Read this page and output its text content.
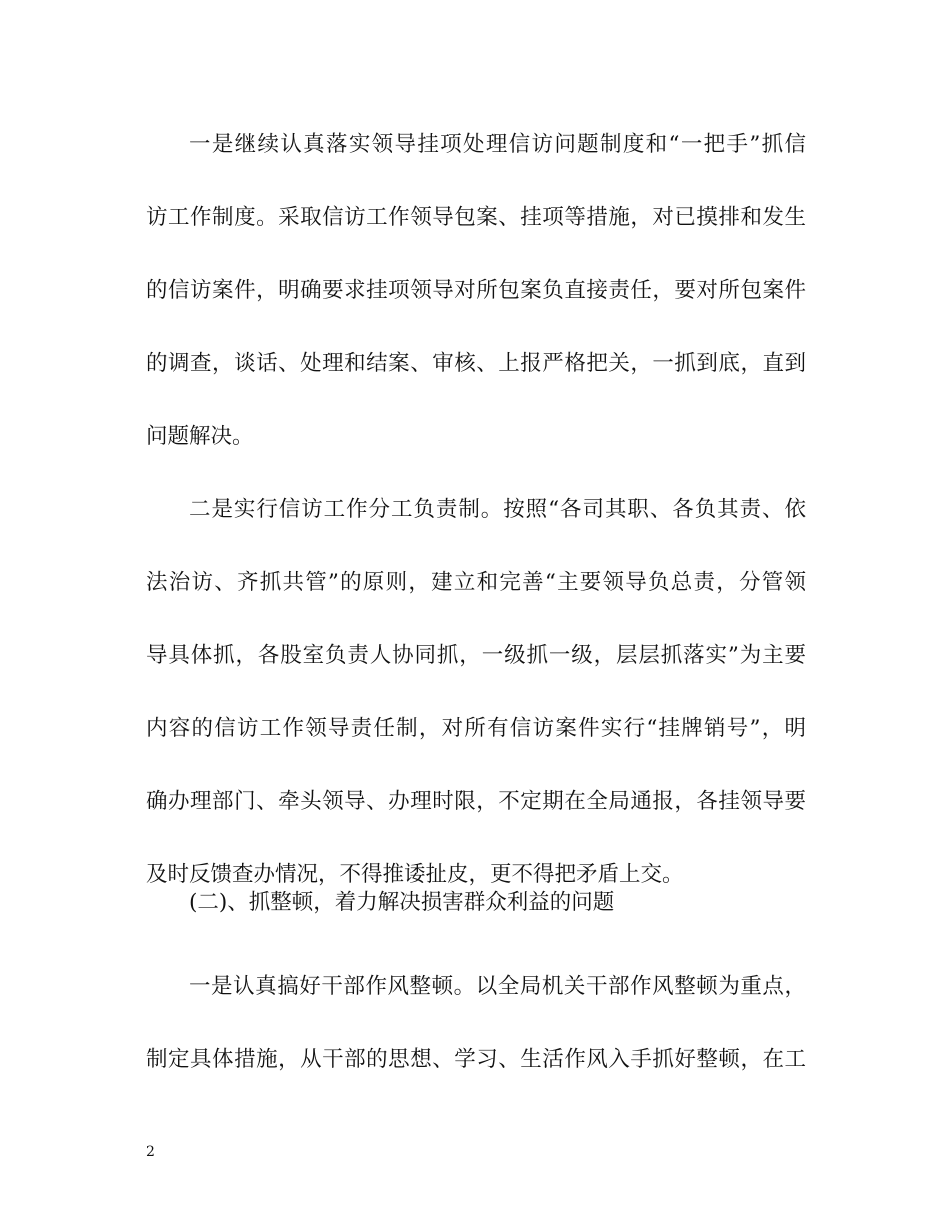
一是继续认真落实领导挂项处理信访问题制度和“一把手”抓信
访工作制度。采取信访工作领导包案、挂项等措施，对已摸排和发生
的信访案件，明确要求挂项领导对所包案负直接责任，要对所包案件
的调查，谈话、处理和结案、审核、上报严格把关，一抓到底，直到
问题解决。
二是实行信访工作分工负责制。按照“各司其职、各负其责、依
法治访、齐抓共管”的原则，建立和完善“主要领导负总责，分管领
导具体抓，各股室负责人协同抓，一级抓一级，层层抓落实”为主要
内容的信访工作领导责任制，对所有信访案件实行“挂牌销号”，明
确办理部门、牵头领导、办理时限，不定期在全局通报，各挂领导要
及时反馈查办情况，不得推诿扯皮，更不得把矛盾上交。
(二)、抓整顿，着力解决损害群众利益的问题
一是认真搞好干部作风整顿。以全局机关干部作风整顿为重点，
制定具体措施，从干部的思想、学习、生活作风入手抓好整顿，在工
2
